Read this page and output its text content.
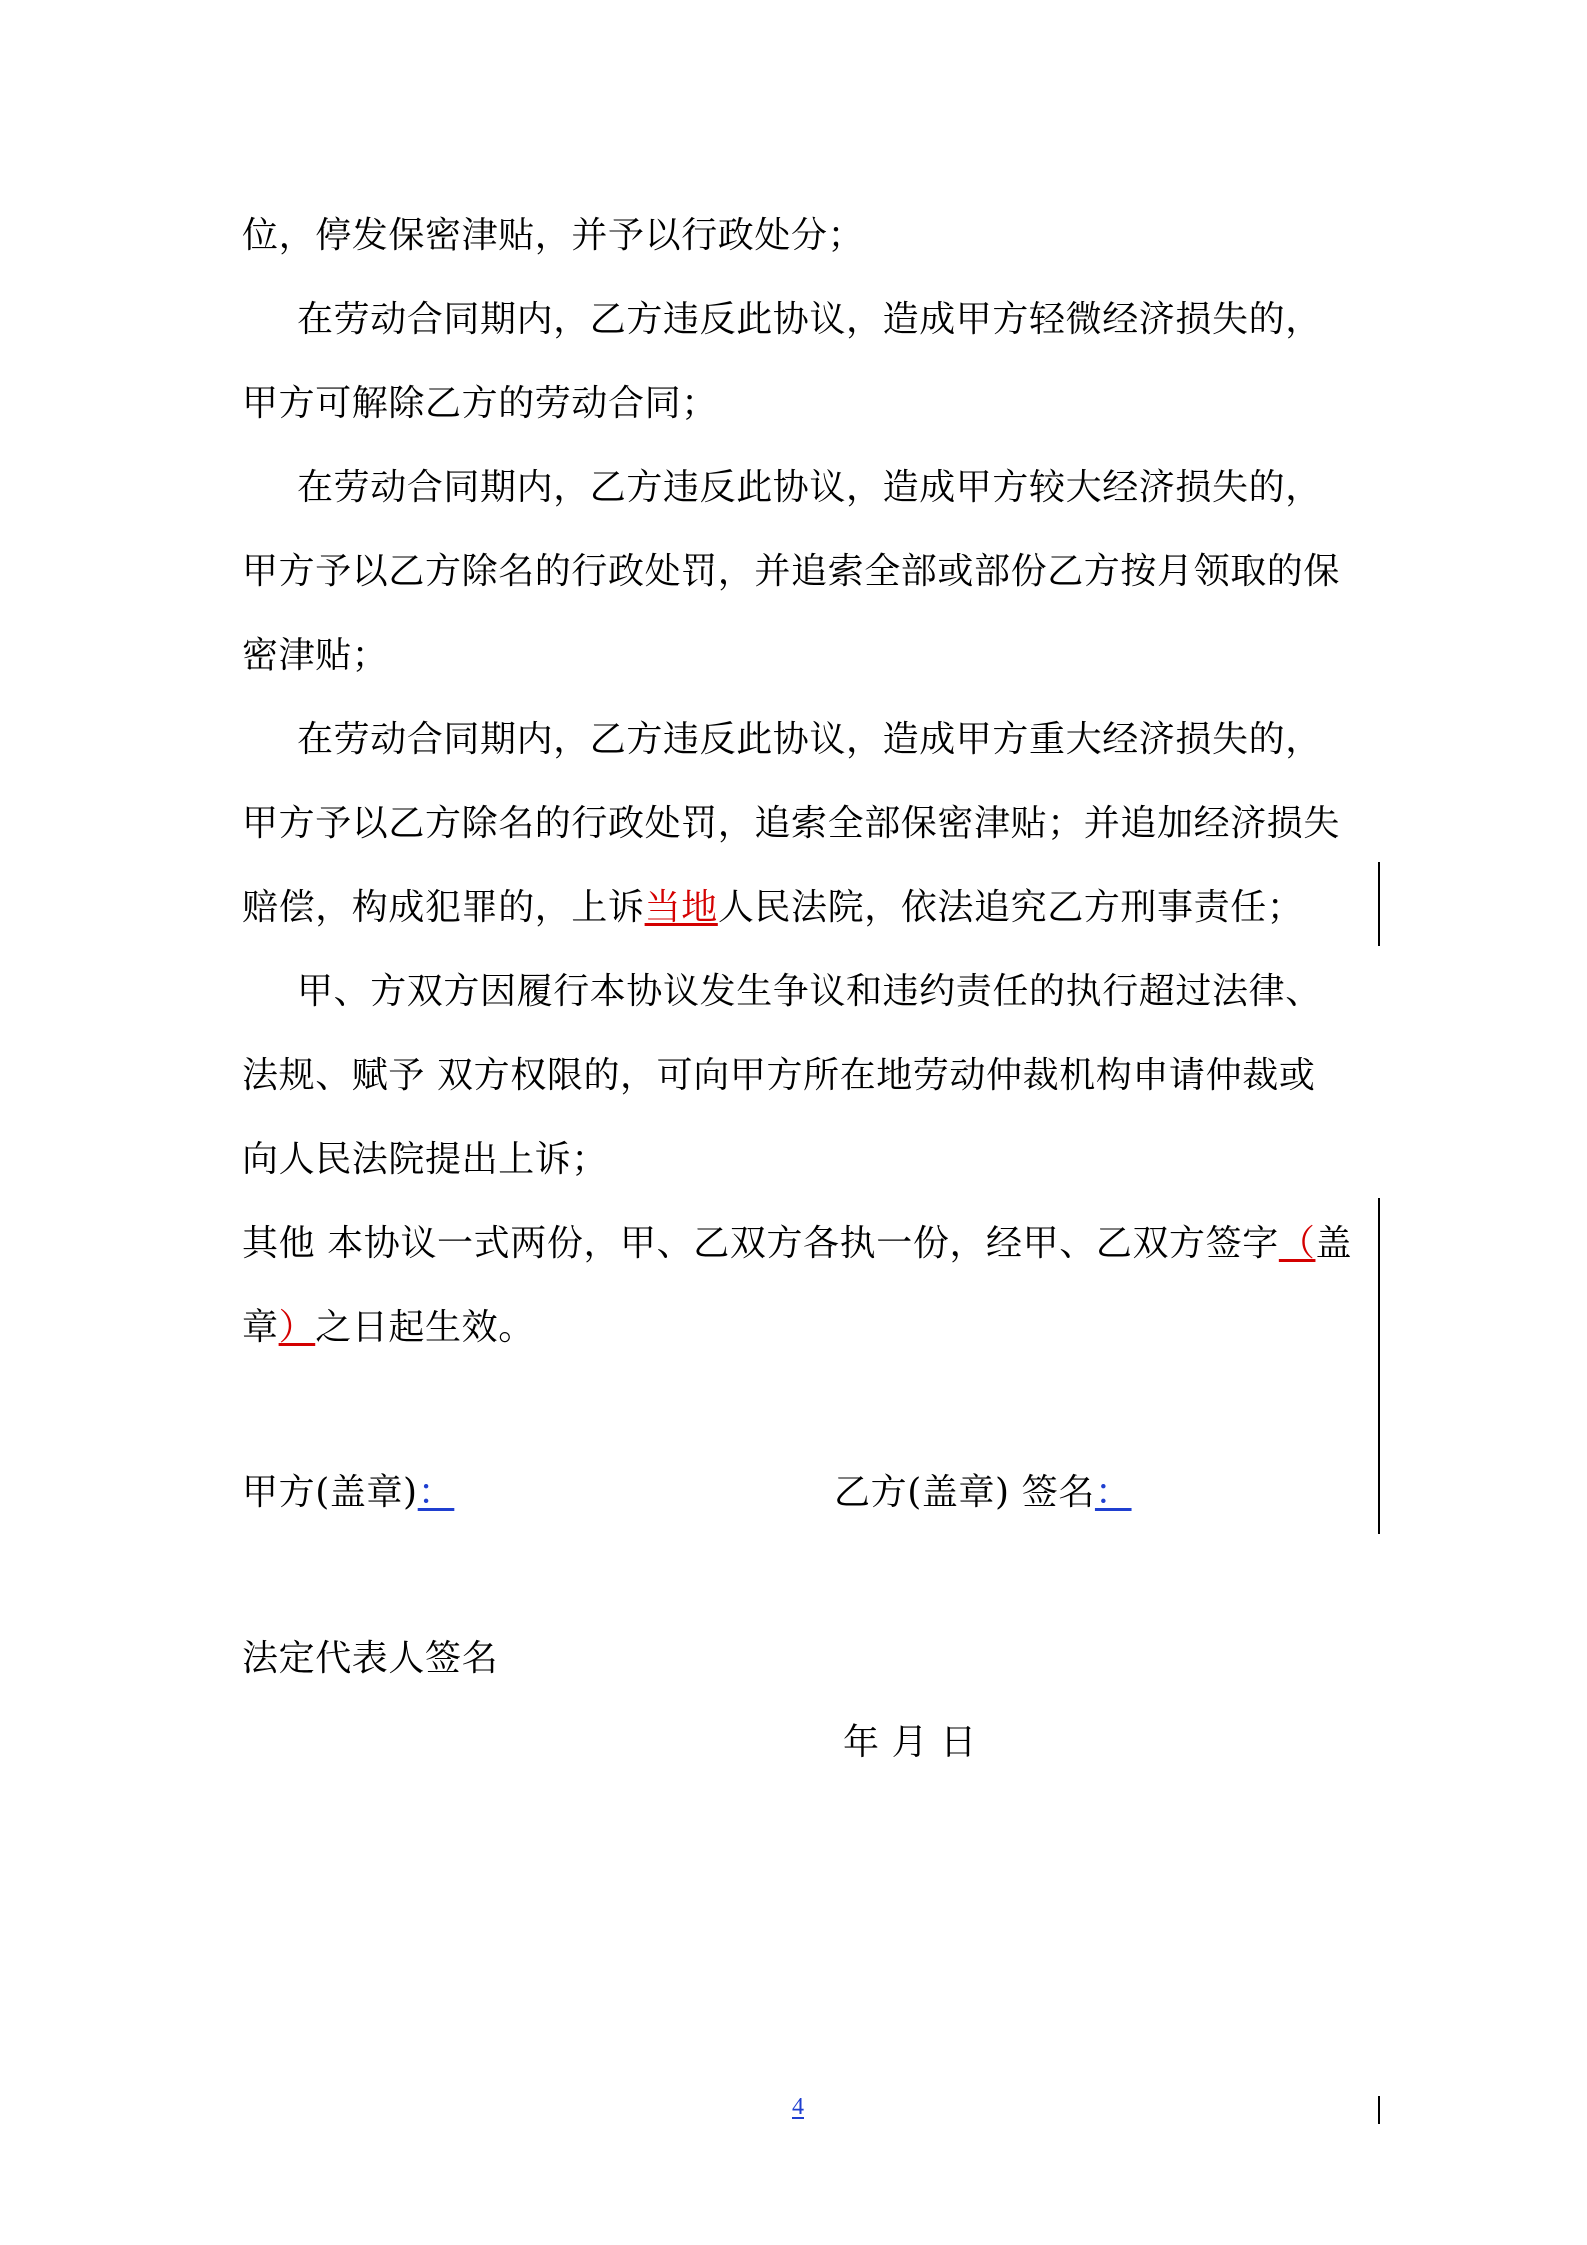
位，停发保密津贴，并予以行政处分；
在劳动合同期内，乙方违反此协议，造成甲方轻微经济损失的，
甲方可解除乙方的劳动合同；
在劳动合同期内，乙方违反此协议，造成甲方较大经济损失的，
甲方予以乙方除名的行政处罚，并追索全部或部份乙方按月领取的保
密津贴；
在劳动合同期内，乙方违反此协议，造成甲方重大经济损失的，
甲方予以乙方除名的行政处罚，追索全部保密津贴；并追加经济损失
赔偿，构成犯罪的，上诉当地人民法院，依法追究乙方刑事责任；
甲、方双方因履行本协议发生争议和违约责任的执行超过法律、
法规、赋予 双方权限的，可向甲方所在地劳动仲裁机构申请仲裁或
向人民法院提出上诉；
其他 本协议一式两份，甲、乙双方各执一份，经甲、乙双方签字（盖
章）之日起生效。
甲方(盖章)：	乙方(盖章) 签名：
法定代表人签名
年 月 日
4
